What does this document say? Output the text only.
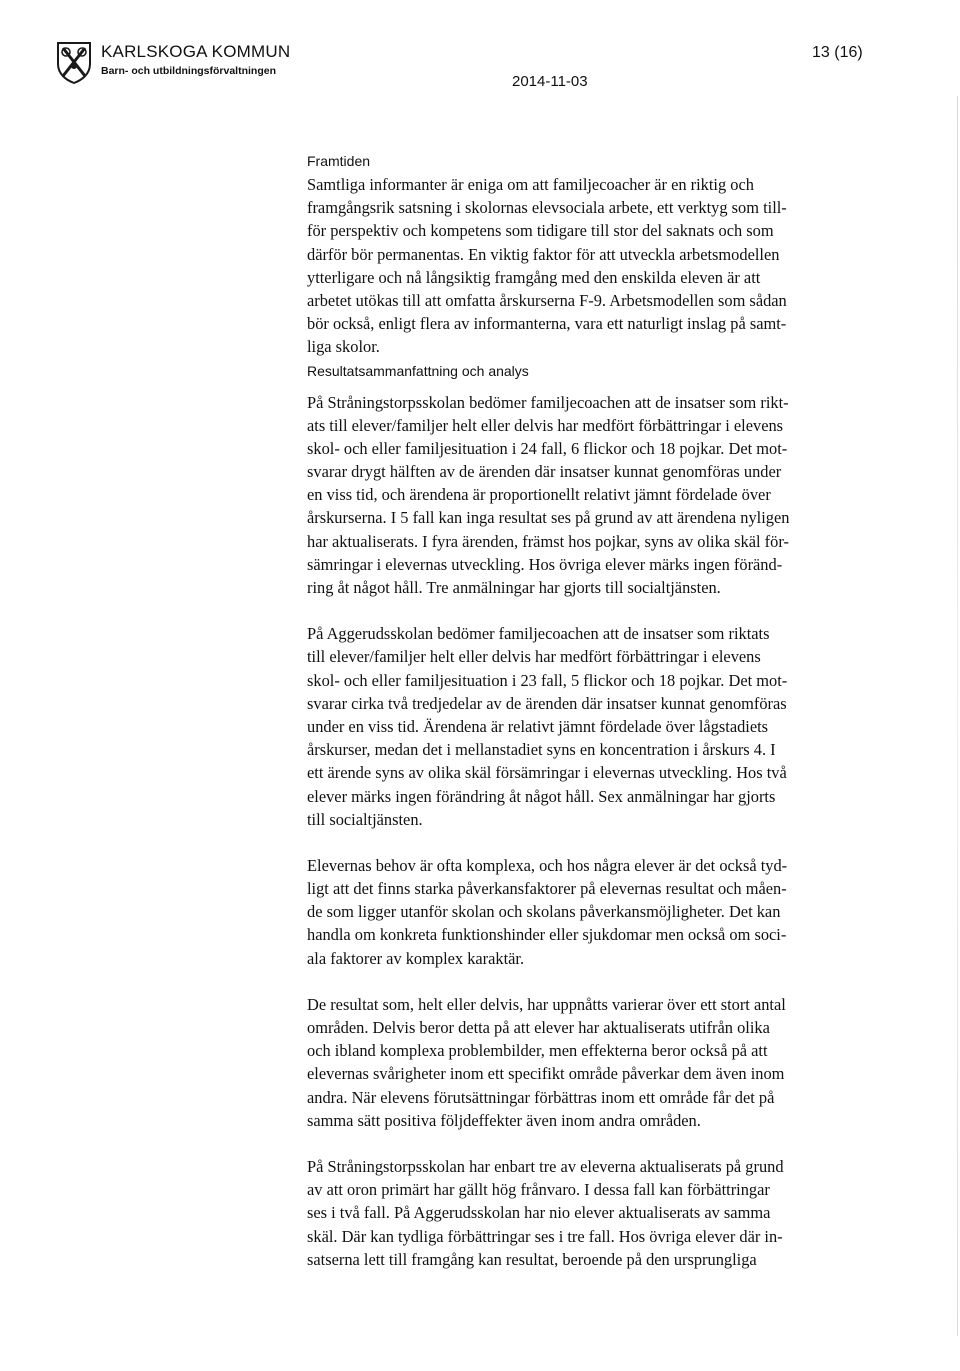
KARLSKOGA KOMMUN
Barn- och utbildningsförvaltningen
13 (16)
2014-11-03
Framtiden
Samtliga informanter är eniga om att familjecoacher är en riktig och
framgångsrik satsning i skolornas elevsociala arbete, ett verktyg som till-
för perspektiv och kompetens som tidigare till stor del saknats och som
därför bör permanentas. En viktig faktor för att utveckla arbetsmodellen
ytterligare och nå långsiktig framgång med den enskilda eleven är att
arbetet utökas till att omfatta årskurserna F-9. Arbetsmodellen som sådan
bör också, enligt flera av informanterna, vara ett naturligt inslag på samt-
liga skolor.
Resultatsammanfattning och analys
På Stråningstorpsskolan bedömer familjecoachen att de insatser som rikt-
ats till elever/familjer helt eller delvis har medfört förbättringar i elevens
skol- och eller familjesituation i 24 fall, 6 flickor och 18 pojkar. Det mot-
svarar drygt hälften av de ärenden där insatser kunnat genomföras under
en viss tid, och ärendena är proportionellt relativt jämnt fördelade över
årskurserna. I 5 fall kan inga resultat ses på grund av att ärendena nyligen
har aktualiserats. I fyra ärenden, främst hos pojkar, syns av olika skäl för-
sämringar i elevernas utveckling. Hos övriga elever märks ingen föränd-
ring åt något håll. Tre anmälningar har gjorts till socialtjänsten.
På Aggerudsskolan bedömer familjecoachen att de insatser som riktats
till elever/familjer helt eller delvis har medfört förbättringar i elevens
skol- och eller familjesituation i 23 fall, 5 flickor och 18 pojkar. Det mot-
svarar cirka två tredjedelar av de ärenden där insatser kunnat genomföras
under en viss tid. Ärendena är relativt jämnt fördelade över lågstadiets
årskurser, medan det i mellanstadiet syns en koncentration i årskurs 4. I
ett ärende syns av olika skäl försämringar i elevernas utveckling. Hos två
elever märks ingen förändring åt något håll. Sex anmälningar har gjorts
till socialtjänsten.
Elevernas behov är ofta komplexa, och hos några elever är det också tyd-
ligt att det finns starka påverkansfaktorer på elevernas resultat och måen-
de som ligger utanför skolan och skolans påverkansmöjligheter. Det kan
handla om konkreta funktionshinder eller sjukdomar men också om soci-
ala faktorer av komplex karaktär.
De resultat som, helt eller delvis, har uppnåtts varierar över ett stort antal
områden. Delvis beror detta på att elever har aktualiserats utifrån olika
och ibland komplexa problembilder, men effekterna beror också på att
elevernas svårigheter inom ett specifikt område påverkar dem även inom
andra. När elevens förutsättningar förbättras inom ett område får det på
samma sätt positiva följdeffekter även inom andra områden.
På Stråningstorpsskolan har enbart tre av eleverna aktualiserats på grund
av att oron primärt har gällt hög frånvaro. I dessa fall kan förbättringar
ses i två fall. På Aggerudsskolan har nio elever aktualiserats av samma
skäl. Där kan tydliga förbättringar ses i tre fall. Hos övriga elever där in-
satserna lett till framgång kan resultat, beroende på den ursprungliga
